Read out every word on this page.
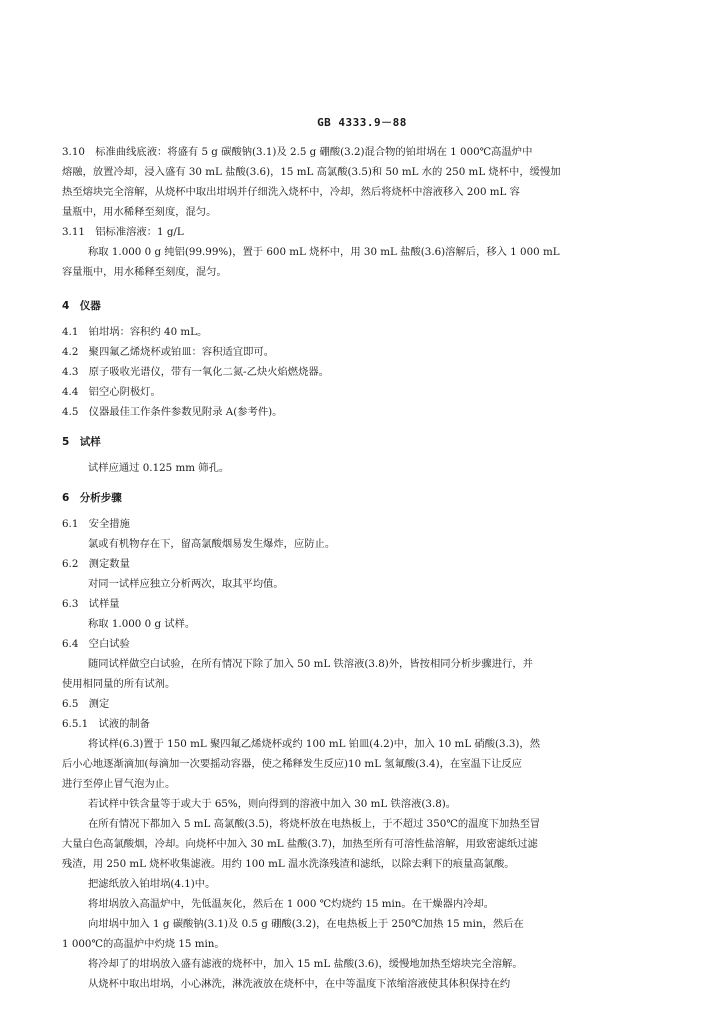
GB 4333.9－88
3.10　标准曲线底液：将盛有 5 g 碳酸钠(3.1)及 2.5 g 硼酸(3.2)混合物的铂坩埚在 1 000℃高温炉中
熔融，放置冷却，浸入盛有 30 mL 盐酸(3.6)，15 mL 高氯酸(3.5)和 50 mL 水的 250 mL 烧杯中，缓慢加
热至熔块完全溶解，从烧杯中取出坩埚并仔细洗入烧杯中，冷却，然后将烧杯中溶液移入 200 mL 容
量瓶中，用水稀释至刻度，混匀。
3.11　铝标准溶液：1 g/L
称取 1.000 0 g 纯铝(99.99%)，置于 600 mL 烧杯中，用 30 mL 盐酸(3.6)溶解后，移入 1 000 mL
容量瓶中，用水稀释至刻度，混匀。
4　仪器
4.1　铂坩埚：容积约 40 mL。
4.2　聚四氟乙烯烧杯或铂皿：容积适宜即可。
4.3　原子吸收光谱仪，带有一氧化二氮-乙炔火焰燃烧器。
4.4　铝空心阴极灯。
4.5　仪器最佳工作条件参数见附录 A(参考件)。
5　试样
试样应通过 0.125 mm 筛孔。
6　分析步骤
6.1　安全措施
氯或有机物存在下，留高氯酸烟易发生爆炸，应防止。
6.2　测定数量
对同一试样应独立分析两次，取其平均值。
6.3　试样量
称取 1.000 0 g 试样。
6.4　空白试验
随同试样做空白试验，在所有情况下除了加入 50 mL 铁溶液(3.8)外，皆按相同分析步骤进行，并
使用相同量的所有试剂。
6.5　测定
6.5.1　试液的制备
将试样(6.3)置于 150 mL 聚四氟乙烯烧杯或约 100 mL 铂皿(4.2)中，加入 10 mL 硝酸(3.3)，然
后小心地逐渐滴加(每滴加一次要摇动容器，使之稀释发生反应)10 mL 氢氟酸(3.4)，在室温下让反应
进行至停止冒气泡为止。
若试样中铁含量等于或大于 65%，则向得到的溶液中加入 30 mL 铁溶液(3.8)。
在所有情况下都加入 5 mL 高氯酸(3.5)，将烧杯放在电热板上，于不超过 350℃的温度下加热至冒
大量白色高氯酸烟，冷却。向烧杯中加入 30 mL 盐酸(3.7)，加热至所有可溶性盐溶解，用致密滤纸过滤
残渣，用 250 mL 烧杯收集滤液。用约 100 mL 温水洗涤残渣和滤纸，以除去剩下的痕量高氯酸。
把滤纸放入铂坩埚(4.1)中。
将坩埚放入高温炉中，先低温灰化，然后在 1 000 ℃灼烧约 15 min。在干燥器内冷却。
向坩埚中加入 1 g 碳酸钠(3.1)及 0.5 g 硼酸(3.2)，在电热板上于 250℃加热 15 min，然后在
1 000℃的高温炉中灼烧 15 min。
将冷却了的坩埚放入盛有滤液的烧杯中，加入 15 mL 盐酸(3.6)，缓慢地加热至熔块完全溶解。
从烧杯中取出坩埚，小心淋洗，淋洗液放在烧杯中，在中等温度下浓缩溶液使其体积保持在约
